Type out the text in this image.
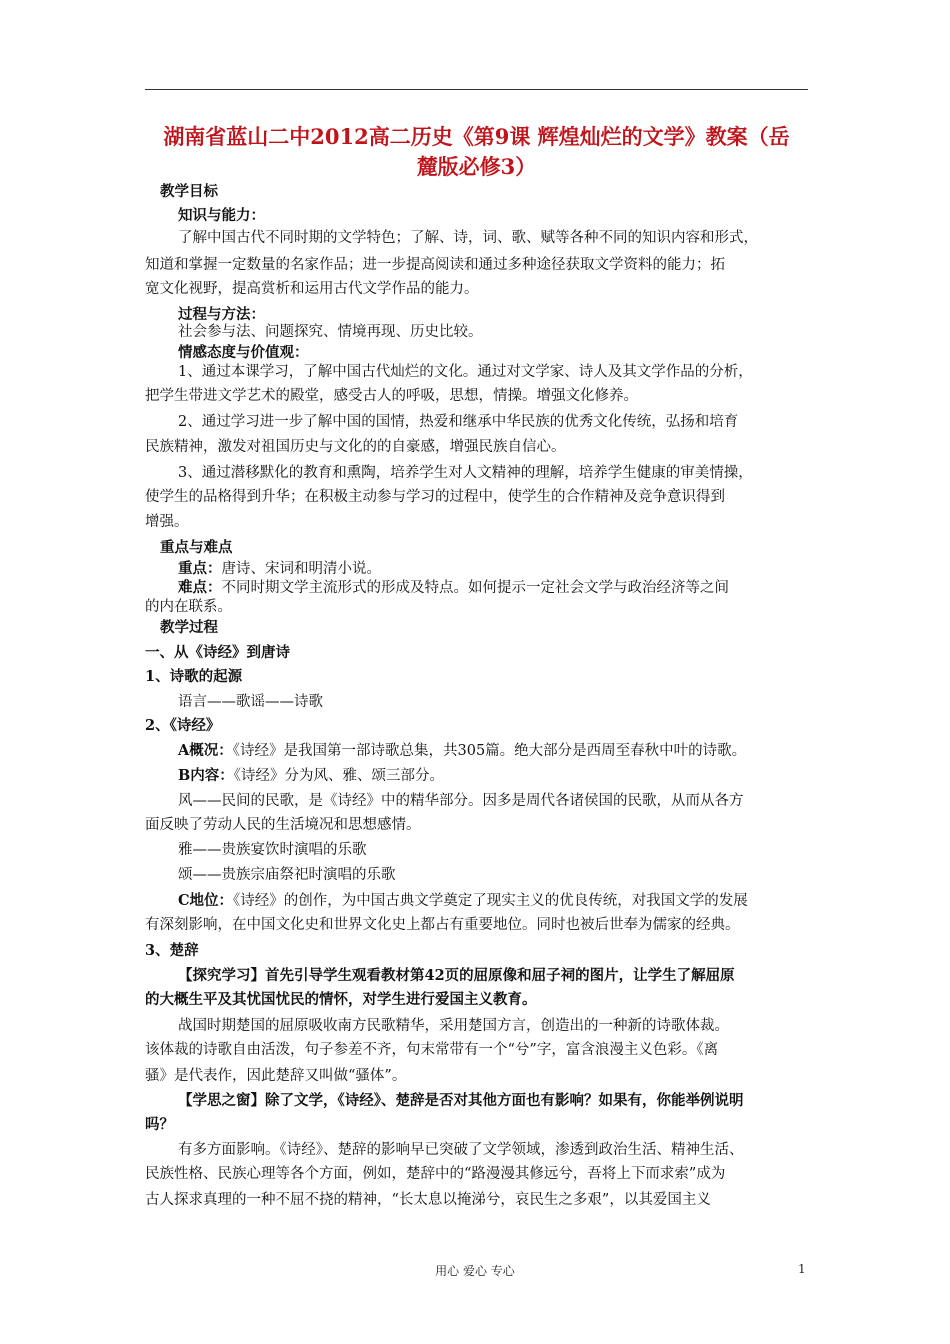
湖南省蓝山二中2012高二历史《第9课 辉煌灿烂的文学》教案（岳
麓版必修3）
教学目标
知识与能力：
了解中国古代不同时期的文学特色；了解、诗，词、歌、赋等各种不同的知识内容和形式，
知道和掌握一定数量的名家作品；进一步提高阅读和通过多种途径获取文学资料的能力；拓
宽文化视野，提高赏析和运用古代文学作品的能力。
过程与方法：
社会参与法、问题探究、情境再现、历史比较。
情感态度与价值观：
1、通过本课学习，了解中国古代灿烂的文化。通过对文学家、诗人及其文学作品的分析，
把学生带进文学艺术的殿堂，感受古人的呼吸，思想，情操。增强文化修养。
2、通过学习进一步了解中国的国情，热爱和继承中华民族的优秀文化传统，弘扬和培育
民族精神，激发对祖国历史与文化的的自豪感，增强民族自信心。
3、通过潜移默化的教育和熏陶，培养学生对人文精神的理解，培养学生健康的审美情操，
使学生的品格得到升华；在积极主动参与学习的过程中，使学生的合作精神及竞争意识得到
增强。
重点与难点
重点：唐诗、宋词和明清小说。
难点：不同时期文学主流形式的形成及特点。如何提示一定社会文学与政治经济等之间
的内在联系。
教学过程
一、从《诗经》到唐诗
1、诗歌的起源
语言——歌谣——诗歌
2、《诗经》
A概况：《诗经》是我国第一部诗歌总集，共305篇。绝大部分是西周至春秋中叶的诗歌。
B内容：《诗经》分为风、雅、颂三部分。
风——民间的民歌，是《诗经》中的精华部分。因多是周代各诸侯国的民歌，从而从各方
面反映了劳动人民的生活境况和思想感情。
雅——贵族宴饮时演唱的乐歌
颂——贵族宗庙祭祀时演唱的乐歌
C地位：《诗经》的创作，为中国古典文学奠定了现实主义的优良传统，对我国文学的发展
有深刻影响，在中国文化史和世界文化史上都占有重要地位。同时也被后世奉为儒家的经典。
3、楚辞
【探究学习】首先引导学生观看教材第42页的屈原像和屈子祠的图片，让学生了解屈原
的大概生平及其忧国忧民的情怀，对学生进行爱国主义教育。
战国时期楚国的屈原吸收南方民歌精华，采用楚国方言，创造出的一种新的诗歌体裁。
该体裁的诗歌自由活泼，句子参差不齐，句末常带有一个“兮”字，富含浪漫主义色彩。《离
骚》是代表作，因此楚辞又叫做“骚体”。
【学思之窗】除了文学，《诗经》、楚辞是否对其他方面也有影响？如果有，你能举例说明
吗？
有多方面影响。《诗经》、楚辞的影响早已突破了文学领域，渗透到政治生活、精神生活、
民族性格、民族心理等各个方面，例如，楚辞中的“路漫漫其修远兮，吾将上下而求索”成为
古人探求真理的一种不屈不挠的精神，“长太息以掩涕兮，哀民生之多艰”，以其爱国主义
用心 爱心 专心	1
